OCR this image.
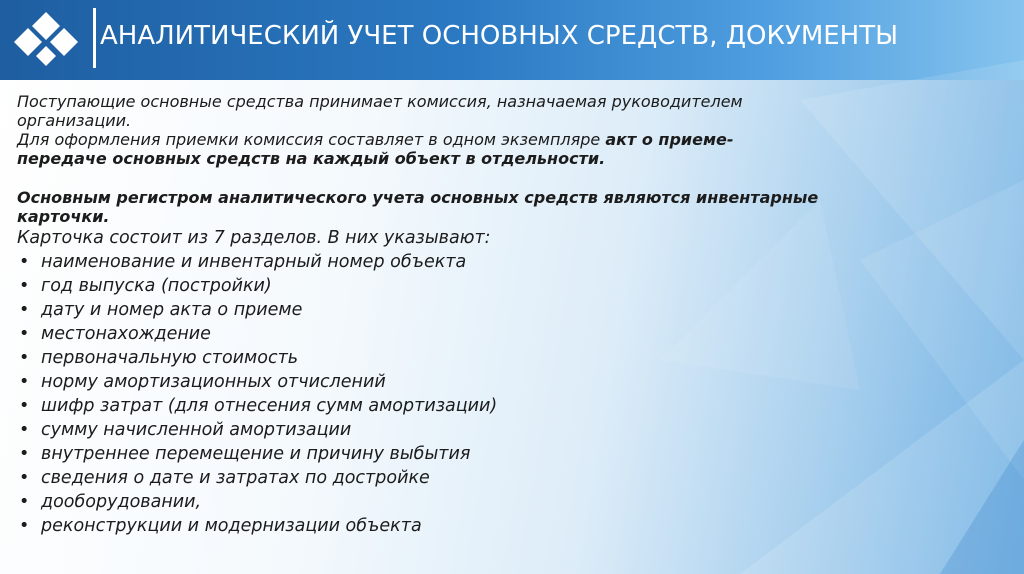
АНАЛИТИЧЕСКИЙ УЧЕТ ОСНОВНЫХ СРЕДСТВ, ДОКУМЕНТЫ

Поступающие основные средства принимает комиссия, назначаемая руководителем
организации.
Для оформления приемки комиссия составляет в одном экземпляре акт о приеме-
передаче основных средств на каждый объект в отдельности.

Основным регистром аналитического учета основных средств являются инвентарные
карточки.

Карточка состоит из 7 разделов. В них указывают:

• наименование и инвентарный номер объекта
• год выпуска (постройки)
• дату и номер акта о приеме
• местонахождение
• первоначальную стоимость
• норму амортизационных отчислений
• шифр затрат (для отнесения сумм амортизации)
• сумму начисленной амортизации
• внутреннее перемещение и причину выбытия
• сведения о дате и затратах по достройке
• дооборудовании,
• реконструкции и модернизации объекта
